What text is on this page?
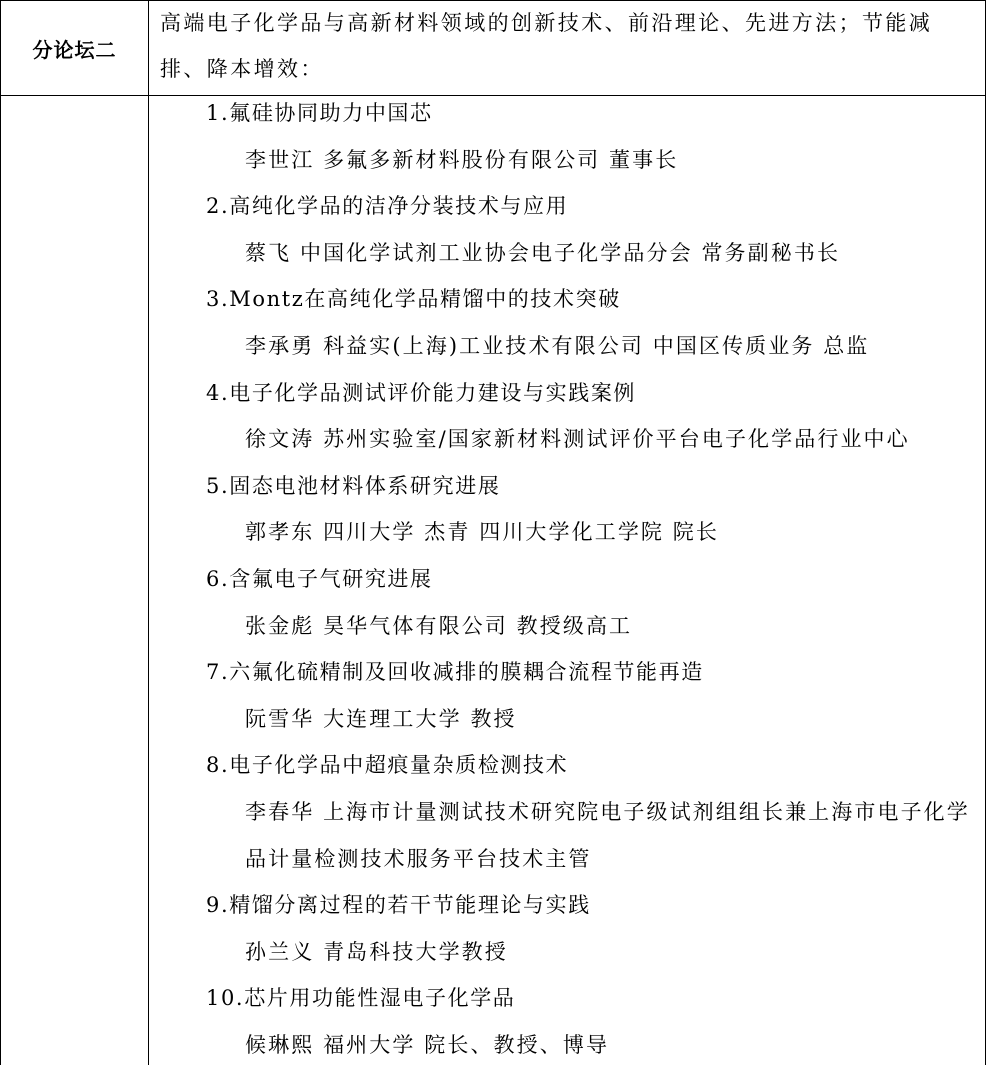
分论坛二
高端电子化学品与高新材料领域的创新技术、前沿理论、先进方法；节能减排、降本增效：
1.氟硅协同助力中国芯
李世江 多氟多新材料股份有限公司 董事长
2.高纯化学品的洁净分装技术与应用
蔡飞 中国化学试剂工业协会电子化学品分会 常务副秘书长
3.Montz在高纯化学品精馏中的技术突破
李承勇 科益实(上海)工业技术有限公司 中国区传质业务 总监
4.电子化学品测试评价能力建设与实践案例
徐文涛 苏州实验室/国家新材料测试评价平台电子化学品行业中心
5.固态电池材料体系研究进展
郭孝东 四川大学 杰青 四川大学化工学院 院长
6.含氟电子气研究进展
张金彪 昊华气体有限公司 教授级高工
7.六氟化硫精制及回收减排的膜耦合流程节能再造
阮雪华 大连理工大学 教授
8.电子化学品中超痕量杂质检测技术
李春华 上海市计量测试技术研究院电子级试剂组组长兼上海市电子化学品计量检测技术服务平台技术主管
9.精馏分离过程的若干节能理论与实践
孙兰义 青岛科技大学教授
10.芯片用功能性湿电子化学品
候琳熙 福州大学 院长、教授、博导
